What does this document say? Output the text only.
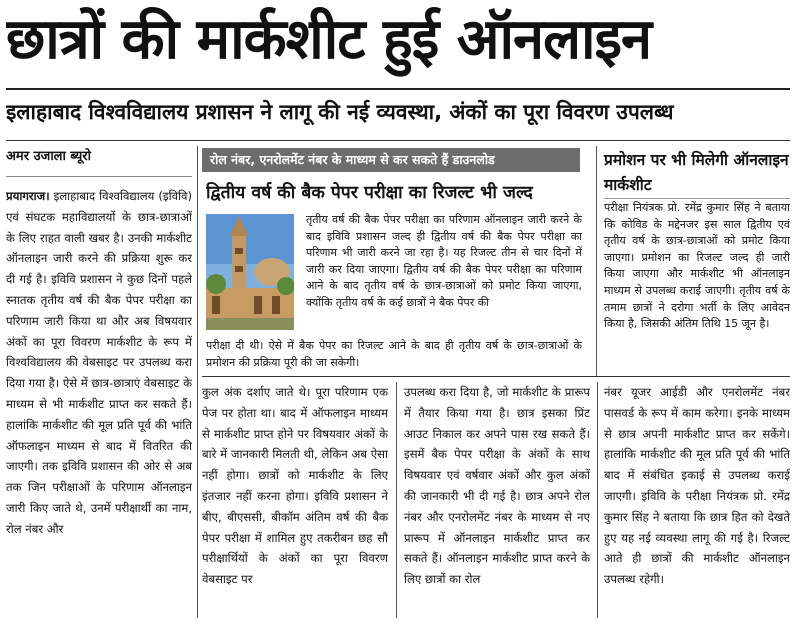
छात्रों की मार्कशीट हुई ऑनलाइन
इलाहाबाद विश्वविद्यालय प्रशासन ने लागू की नई व्यवस्था, अंकों का पूरा विवरण उपलब्ध
अमर उजाला ब्यूरो
प्रयागराज। इलाहाबाद विश्वविद्यालय (इविवि) एवं संघटक महाविद्यालयों के छात्र-छात्राओं के लिए राहत वाली खबर है। उनकी मार्कशीट ऑनलाइन जारी करने की प्रक्रिया शुरू कर दी गई है। इविवि प्रशासन ने कुछ दिनों पहले स्नातक तृतीय वर्ष की बैक पेपर परीक्षा का परिणाम जारी किया था और अब विषयवार अंकों का पूरा विवरण मार्कशीट के रूप में विश्वविद्यालय की वेबसाइट पर उपलब्ध करा दिया गया है। ऐसे में छात्र-छात्राएं वेबसाइट के माध्यम से भी मार्कशीट प्राप्त कर सकते हैं। हालांकि मार्कशीट की मूल प्रति पूर्व की भांति ऑफलाइन माध्यम से बाद में वितरित की जाएगी। तक इविवि प्रशासन की ओर से अब तक जिन परीक्षाओं के परिणाम ऑनलाइन जारी किए जाते थे, उनमें परीक्षार्थी का नाम, रोल नंबर और
रोल नंबर, एनरोलमेंट नंबर के माध्यम से कर सकते हैं डाउनलोड
द्वितीय वर्ष की बैक पेपर परीक्षा का रिजल्ट भी जल्द
तृतीय वर्ष की बैक पेपर परीक्षा का परिणाम ऑनलाइन जारी करने के बाद इविवि प्रशासन जल्द ही द्वितीय वर्ष की बैक पेपर परीक्षा का परिणाम भी जारी करने जा रहा है। यह रिजल्ट तीन से चार दिनों में जारी कर दिया जाएगा। द्वितीय वर्ष की बैक पेपर परीक्षा का परिणाम आने के बाद तृतीय वर्ष के छात्र-छात्राओं को प्रमोट किया जाएगा, क्योंकि तृतीय वर्ष के कई छात्रों ने बैक पेपर की
परीक्षा दी थी। ऐसे में बैक पेपर का रिजल्ट आने के बाद ही तृतीय वर्ष के छात्र-छात्राओं के प्रमोशन की प्रक्रिया पूरी की जा सकेगी।
प्रमोशन पर भी मिलेगी ऑनलाइन मार्कशीट
परीक्षा नियंत्रक प्रो. रमेंद्र कुमार सिंह ने बताया कि कोविड के मद्देनजर इस साल द्वितीय एवं तृतीय वर्ष के छात्र-छात्राओं को प्रमोट किया जाएगा। प्रमोशन का रिजल्ट जल्द ही जारी किया जाएगा और मार्कशीट भी ऑनलाइन माध्यम से उपलब्ध कराई जाएगी। तृतीय वर्ष के तमाम छात्रों ने दरोगा भर्ती के लिए आवेदन किया है, जिसकी अंतिम तिथि 15 जून है।
कुल अंक दर्शाए जाते थे। पूरा परिणाम एक पेज पर होता था। बाद में ऑफलाइन माध्यम से मार्कशीट प्राप्त होने पर विषयवार अंकों के बारे में जानकारी मिलती थी, लेकिन अब ऐसा नहीं होगा। छात्रों को मार्कशीट के लिए इंतजार नहीं करना होगा। इविवि प्रशासन ने बीए, बीएससी, बीकॉम अंतिम वर्ष की बैक पेपर परीक्षा में शामिल हुए तकरीबन छह सौ परीक्षार्थियों के अंकों का पूरा विवरण वेबसाइट पर
उपलब्ध करा दिया है, जो मार्कशीट के प्रारूप में तैयार किया गया है। छात्र इसका प्रिंट आउट निकाल कर अपने पास रख सकते हैं। इसमें बैक पेपर परीक्षा के अंकों के साथ विषयवार एवं वर्षवार अंकों और कुल अंकों की जानकारी भी दी गई है। छात्र अपने रोल नंबर और एनरोलमेंट नंबर के माध्यम से नए प्रारूप में ऑनलाइन मार्कशीट प्राप्त कर सकते हैं। ऑनलाइन मार्कशीट प्राप्त करने के लिए छात्रों का रोल
नंबर यूजर आईडी और एनरोलमेंट नंबर पासवर्ड के रूप में काम करेगा। इनके माध्यम से छात्र अपनी मार्कशीट प्राप्त कर सकेंगे। हालांकि मार्कशीट की मूल प्रति पूर्व की भांति बाद में संबंधित इकाई से उपलब्ध कराई जाएगी। इविवि के परीक्षा नियंत्रक प्रो. रमेंद्र कुमार सिंह ने बताया कि छात्र हित को देखते हुए यह नई व्यवस्था लागू की गई है। रिजल्ट आते ही छात्रों की मार्कशीट ऑनलाइन उपलब्ध रहेगी।
